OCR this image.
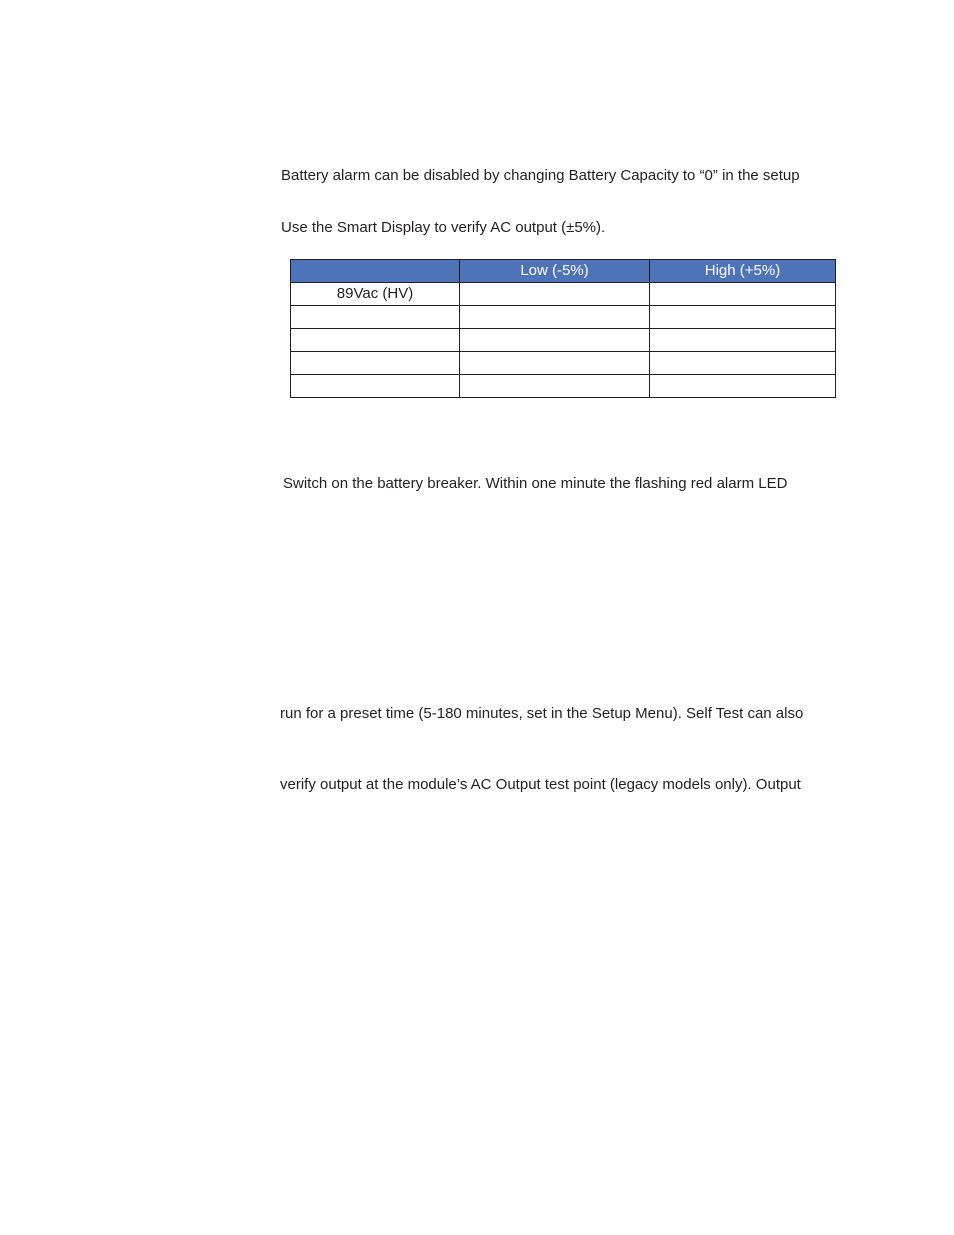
Battery alarm can be disabled by changing Battery Capacity to “0” in the setup
Use the Smart Display to verify AC output (±5%).
	Low (-5%)	High (+5%)
89Vac (HV)		

Switch on the battery breaker. Within one minute the flashing red alarm LED
run for a preset time (5-180 minutes, set in the Setup Menu). Self Test can also
verify output at the module’s AC Output test point (legacy models only). Output
